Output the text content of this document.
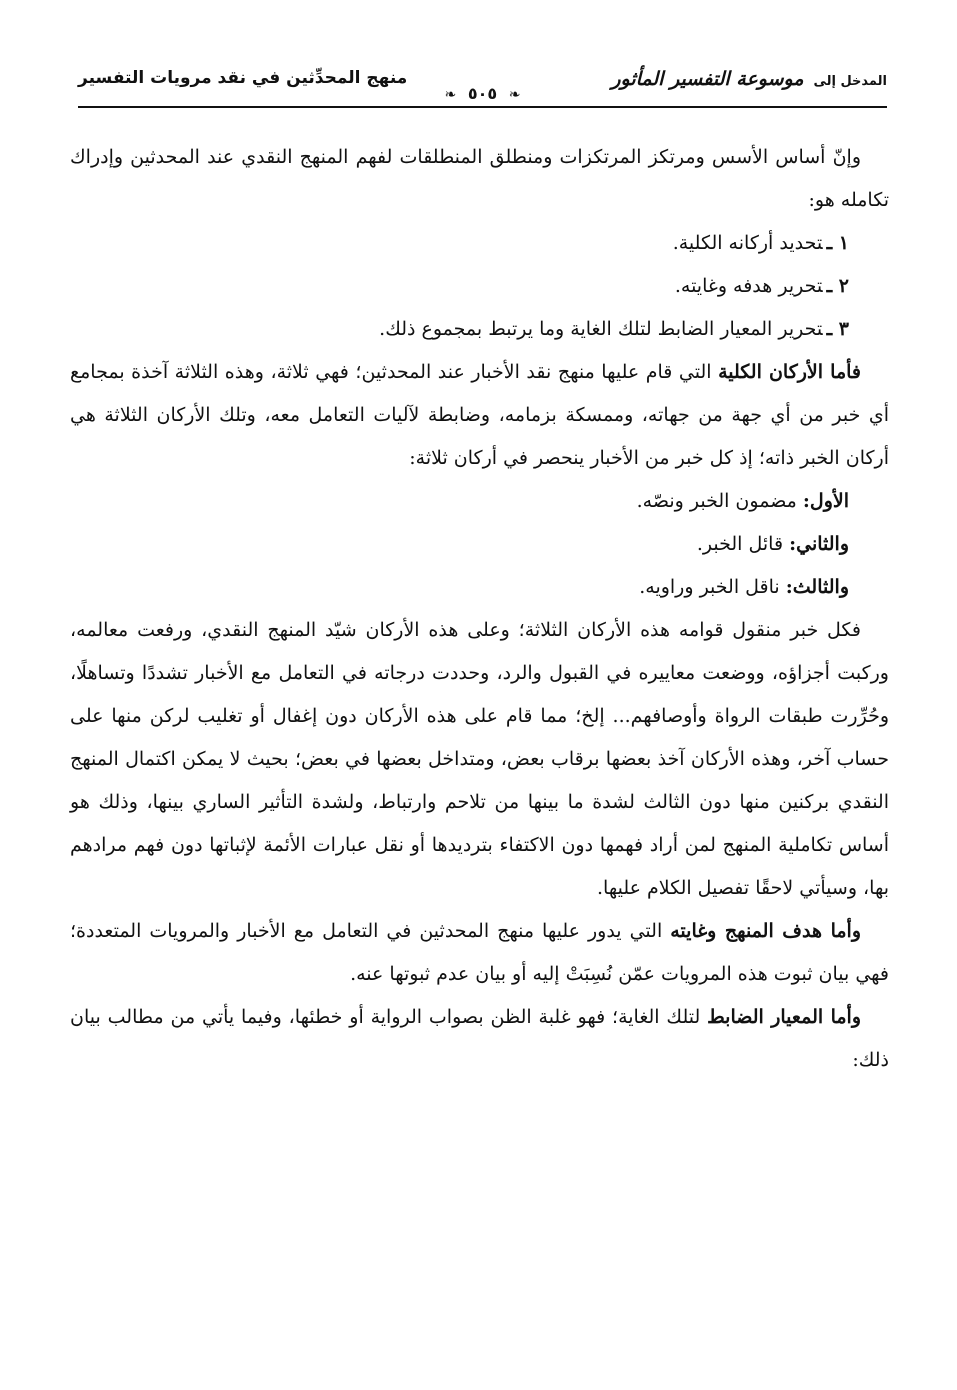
المدخل إلى موسوعة التفسير المأثور
❧ ٥٠٥ ❧
منهج المحدِّثين في نقد مرويات التفسير

وإنّ أساس الأسس ومرتكز المرتكزات ومنطلق المنطلقات لفهم المنهج النقدي عند المحدثين وإدراك تكامله هو:

١ ـتحديد أركانه الكلية.

٢ ـتحرير هدفه وغايته.

٣ ـتحرير المعيار الضابط لتلك الغاية وما يرتبط بمجموع ذلك.

فأما الأركان الكلية التي قام عليها منهج نقد الأخبار عند المحدثين؛ فهي ثلاثة، وهذه الثلاثة آخذة بمجامع أي خبر من أي جهة من جهاته، وممسكة بزمامه، وضابطة لآليات التعامل معه، وتلك الأركان الثلاثة هي أركان الخبر ذاته؛ إذ كل خبر من الأخبار ينحصر في أركان ثلاثة:

الأول: مضمون الخبر ونصّه.

والثاني: قائل الخبر.

والثالث: ناقل الخبر وراويه.

فكل خبر منقول قوامه هذه الأركان الثلاثة؛ وعلى هذه الأركان شيّد المنهج النقدي، ورفعت معالمه، وركبت أجزاؤه، ووضعت معاييره في القبول والرد، وحددت درجاته في التعامل مع الأخبار تشددًا وتساهلًا، وحُرِّرت طبقات الرواة وأوصافهم... إلخ؛ مما قام على هذه الأركان دون إغفال أو تغليب لركن منها على حساب آخر، وهذه الأركان آخذ بعضها برقاب بعض، ومتداخل بعضها في بعض؛ بحيث لا يمكن اكتمال المنهج النقدي بركنين منها دون الثالث لشدة ما بينها من تلاحم وارتباط، ولشدة التأثير الساري بينها، وذلك هو أساس تكاملية المنهج لمن أراد فهمها دون الاكتفاء بترديدها أو نقل عبارات الأئمة لإثباتها دون فهم مرادهم بها، وسيأتي لاحقًا تفصيل الكلام عليها.

وأما هدف المنهج وغايته التي يدور عليها منهج المحدثين في التعامل مع الأخبار والمرويات المتعددة؛ فهي بيان ثبوت هذه المرويات عمّن نُسِبَتْ إليه أو بيان عدم ثبوتها عنه.

وأما المعيار الضابط لتلك الغاية؛ فهو غلبة الظن بصواب الرواية أو خطئها، وفيما يأتي من مطالب بيان ذلك:
